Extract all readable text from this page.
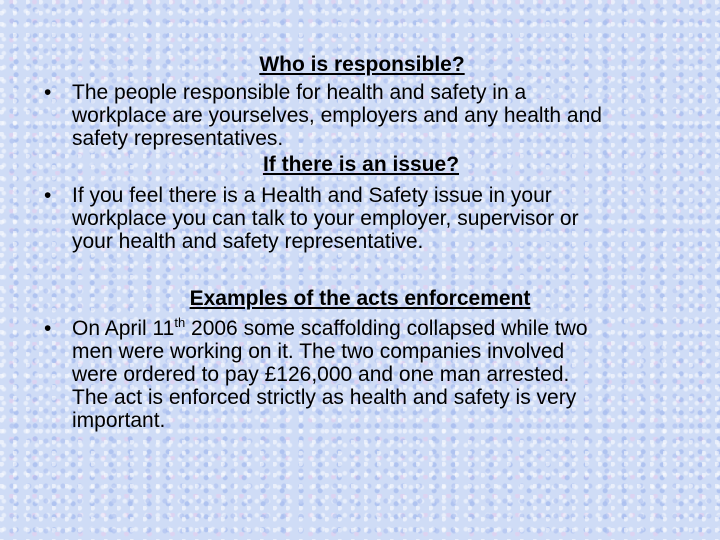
Who is responsible?
• The people responsible for health and safety in a
workplace are yourselves, employers and any health and
safety representatives.
If there is an issue?
• If you feel there is a Health and Safety issue in your
workplace you can talk to your employer, supervisor or
your health and safety representative.
Examples of the acts enforcement
• On April 11th 2006 some scaffolding collapsed while two
men were working on it. The two companies involved
were ordered to pay £126,000 and one man arrested.
The act is enforced strictly as health and safety is very
important.
